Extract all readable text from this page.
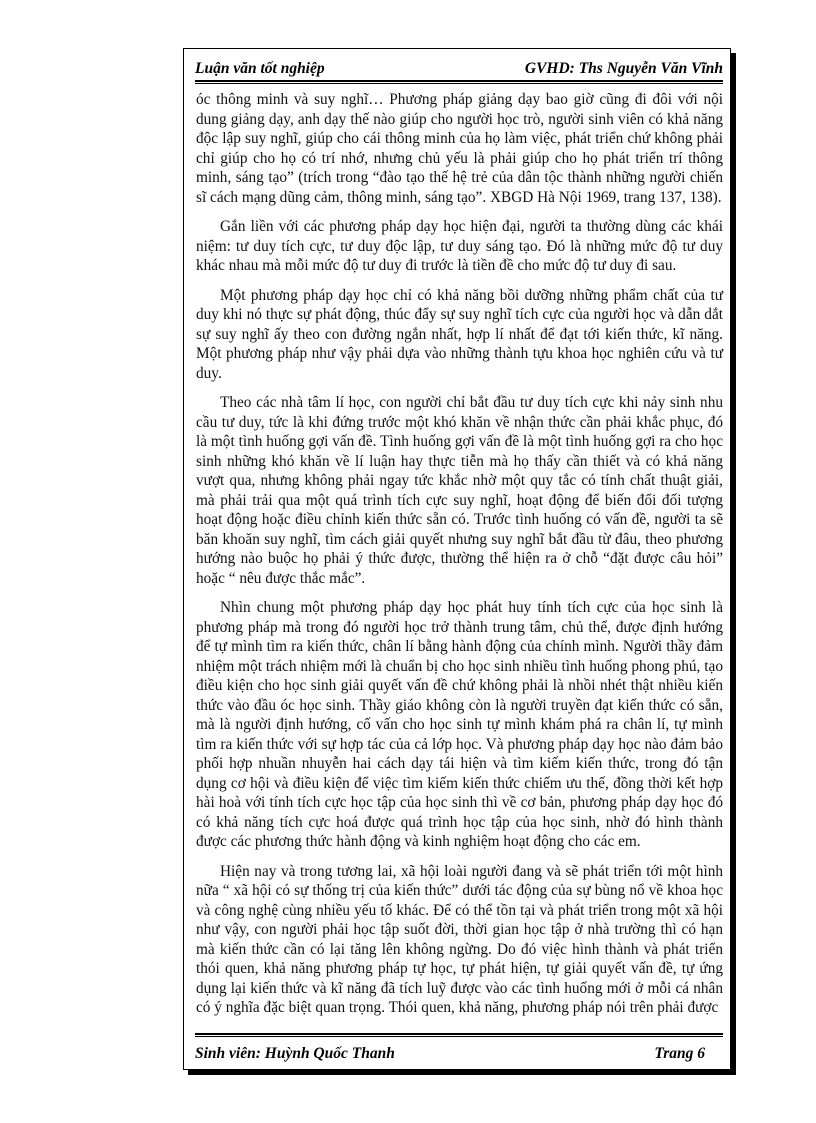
Luận văn tốt nghiệp	GVHD: Ths Nguyễn Văn Vĩnh

óc thông minh và suy nghĩ… Phương pháp giảng dạy bao giờ cũng đi đôi với nội dung giảng dạy, anh dạy thế nào giúp cho người học trò, người sinh viên có khả năng độc lập suy nghĩ, giúp cho cái thông minh của họ làm việc, phát triển chứ không phải chỉ giúp cho họ có trí nhớ, nhưng chủ yếu là phải giúp cho họ phát triển trí thông minh, sáng tạo” (trích trong “đào tạo thế hệ trẻ của dân tộc thành những người chiến sĩ cách mạng dũng cảm, thông minh, sáng tạo”. XBGD Hà Nội 1969, trang 137, 138).

Gắn liền với các phương pháp dạy học hiện đại, người ta thường dùng các khái niệm: tư duy tích cực, tư duy độc lập, tư duy sáng tạo. Đó là những mức độ tư duy khác nhau mà mỗi mức độ tư duy đi trước là tiền đề cho mức độ tư duy đi sau.

Một phương pháp dạy học chỉ có khả năng bồi dưỡng những phẩm chất của tư duy khi nó thực sự phát động, thúc đẩy sự suy nghĩ tích cực của người học và dẫn dắt sự suy nghĩ ấy theo con đường ngắn nhất, hợp lí nhất để đạt tới kiến thức, kĩ năng. Một phương pháp như vậy phải dựa vào những thành tựu khoa học nghiên cứu và tư duy.

Theo các nhà tâm lí học, con người chỉ bắt đầu tư duy tích cực khi nảy sinh nhu cầu tư duy, tức là khi đứng trước một khó khăn về nhận thức cần phải khắc phục, đó là một tình huống gợi vấn đề. Tình huống gợi vấn đề là một tình huống gợi ra cho học sinh những khó khăn về lí luận hay thực tiễn mà họ thấy cần thiết và có khả năng vượt qua, nhưng không phải ngay tức khắc nhờ một quy tắc có tính chất thuật giải, mà phải trải qua một quá trình tích cực suy nghĩ, hoạt động để biến đổi đối tượng hoạt động hoặc điều chỉnh kiến thức sẵn có. Trước tình huống có vấn đề, người ta sẽ băn khoăn suy nghĩ, tìm cách giải quyết nhưng suy nghĩ bắt đầu từ đâu, theo phương hướng nào buộc họ phải ý thức được, thường thể hiện ra ở chỗ “đặt được câu hỏi” hoặc “ nêu được thắc mắc”.

Nhìn chung một phương pháp dạy học phát huy tính tích cực của học sinh là phương pháp mà trong đó người học trở thành trung tâm, chủ thể, được định hướng để tự mình tìm ra kiến thức, chân lí bằng hành động của chính mình. Người thầy đảm nhiệm một trách nhiệm mới là chuẩn bị cho học sinh nhiều tình huống phong phú, tạo điều kiện cho học sinh giải quyết vấn đề chứ không phải là nhồi nhét thật nhiều kiến thức vào đầu óc học sinh. Thầy giáo không còn là người truyền đạt kiến thức có sẵn, mà là người định hướng, cố vấn cho học sinh tự mình khám phá ra chân lí, tự mình tìm ra kiến thức với sự hợp tác của cả lớp học. Và phương pháp dạy học nào đảm bảo phối hợp nhuần nhuyễn hai cách dạy tái hiện và tìm kiếm kiến thức, trong đó tận dụng cơ hội và điều kiện để việc tìm kiếm kiến thức chiếm ưu thế, đồng thời kết hợp hài hoà với tính tích cực học tập của học sinh thì về cơ bản, phương pháp dạy học đó có khả năng tích cực hoá được quá trình học tập của học sinh, nhờ đó hình thành được các phương thức hành động và kinh nghiệm hoạt động cho các em.

Hiện nay và trong tương lai, xã hội loài người đang và sẽ phát triển tới một hình nữa “ xã hội có sự thống trị của kiến thức” dưới tác động của sự bùng nổ về khoa học và công nghệ cùng nhiều yếu tố khác. Để có thể tồn tại và phát triển trong một xã hội như vậy, con người phải học tập suốt đời, thời gian học tập ở nhà trường thì có hạn mà kiến thức cần có lại tăng lên không ngừng. Do đó việc hình thành và phát triển thói quen, khả năng phương pháp tự học, tự phát hiện, tự giải quyết vấn đề, tự ứng dụng lại kiến thức và kĩ năng đã tích luỹ được vào các tình huống mới ở mỗi cá nhân có ý nghĩa đặc biệt quan trọng. Thói quen, khả năng, phương pháp nói trên phải được

Sinh viên: Huỳnh Quốc Thanh	Trang 6
